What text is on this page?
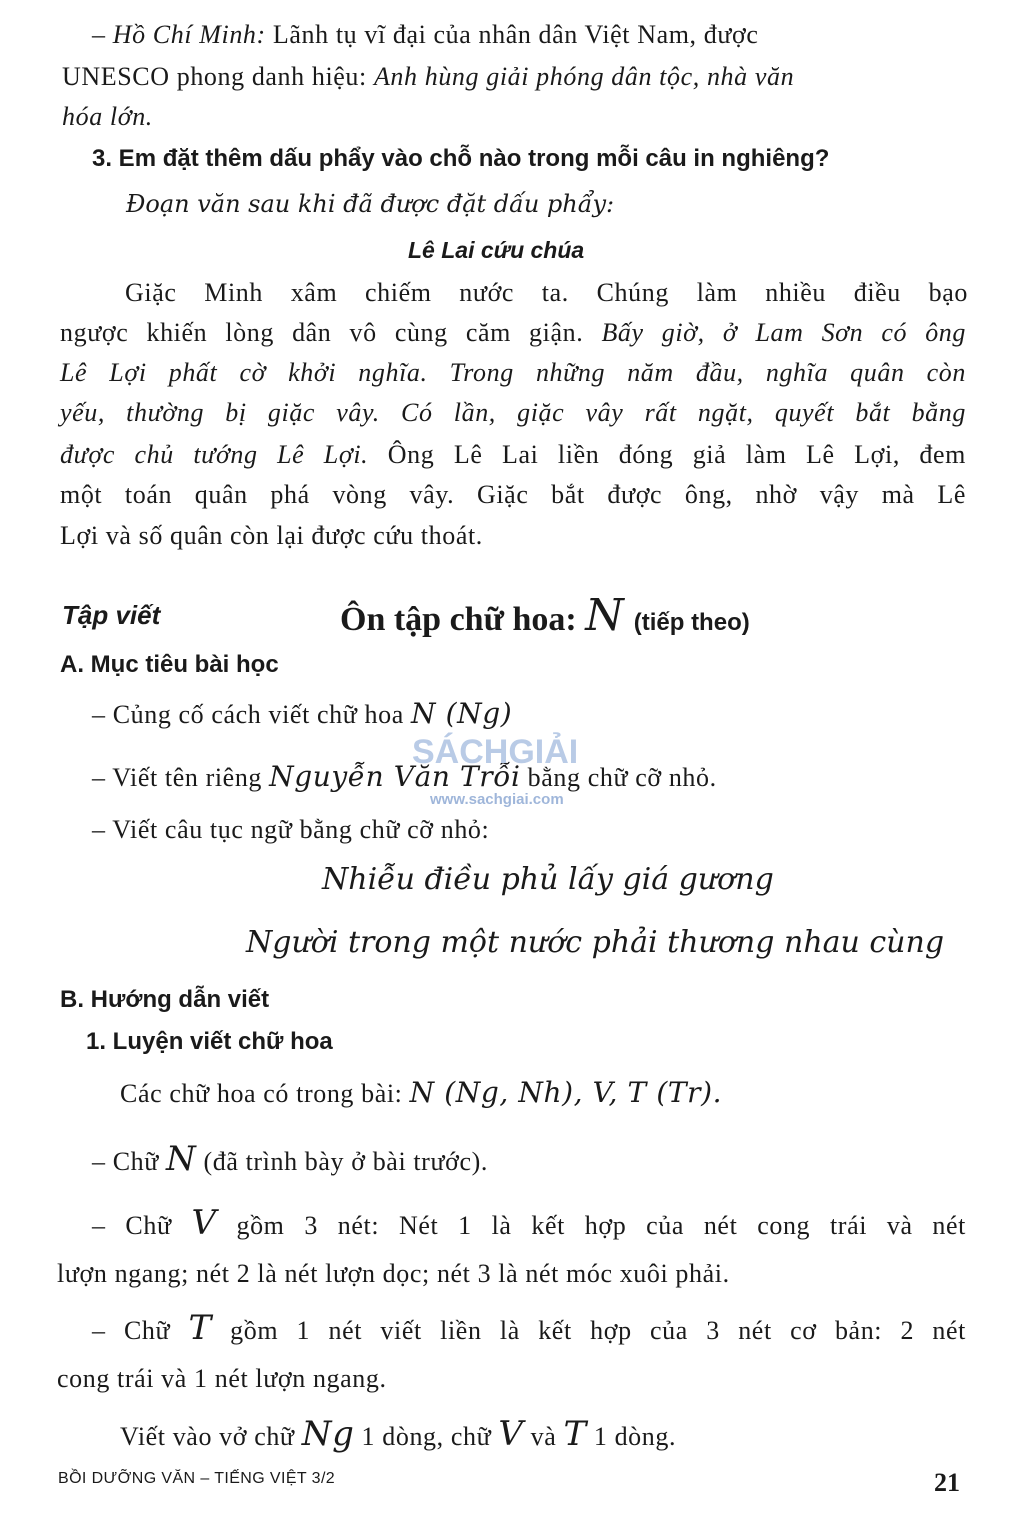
– Hồ Chí Minh: Lãnh tụ vĩ đại của nhân dân Việt Nam, được
UNESCO phong danh hiệu: Anh hùng giải phóng dân tộc, nhà văn
hóa lớn.
3. Em đặt thêm dấu phẩy vào chỗ nào trong mỗi câu in nghiêng?
Đoạn văn sau khi đã được đặt dấu phẩy:
Lê Lai cứu chúa
Giặc Minh xâm chiếm nước ta. Chúng làm nhiều điều bạo
ngược khiến lòng dân vô cùng căm giận. Bấy giờ, ở Lam Sơn có ông
Lê Lợi phất cờ khởi nghĩa. Trong những năm đầu, nghĩa quân còn
yếu, thường bị giặc vây. Có lần, giặc vây rất ngặt, quyết bắt bằng
được chủ tướng Lê Lợi. Ông Lê Lai liền đóng giả làm Lê Lợi, đem
một toán quân phá vòng vây. Giặc bắt được ông, nhờ vậy mà Lê
Lợi và số quân còn lại được cứu thoát.
Tập viết	Ôn tập chữ hoa: N (tiếp theo)
A. Mục tiêu bài học
– Củng cố cách viết chữ hoa N (Ng)
– Viết tên riêng Nguyễn Văn Trỗi bằng chữ cỡ nhỏ.
– Viết câu tục ngữ bằng chữ cỡ nhỏ:
Nhiễu điều phủ lấy giá gương
Người trong một nước phải thương nhau cùng
SÁCHGIẢI
www.sachgiai.com
B. Hướng dẫn viết
1. Luyện viết chữ hoa
Các chữ hoa có trong bài: N (Ng, Nh), V, T (Tr).
– Chữ N (đã trình bày ở bài trước).
– Chữ V gồm 3 nét: Nét 1 là kết hợp của nét cong trái và nét
lượn ngang; nét 2 là nét lượn dọc; nét 3 là nét móc xuôi phải.
– Chữ T gồm 1 nét viết liền là kết hợp của 3 nét cơ bản: 2 nét
cong trái và 1 nét lượn ngang.
Viết vào vở chữ Ng 1 dòng, chữ V và T 1 dòng.
BỒI DƯỠNG VĂN – TIẾNG VIỆT 3/2	21
